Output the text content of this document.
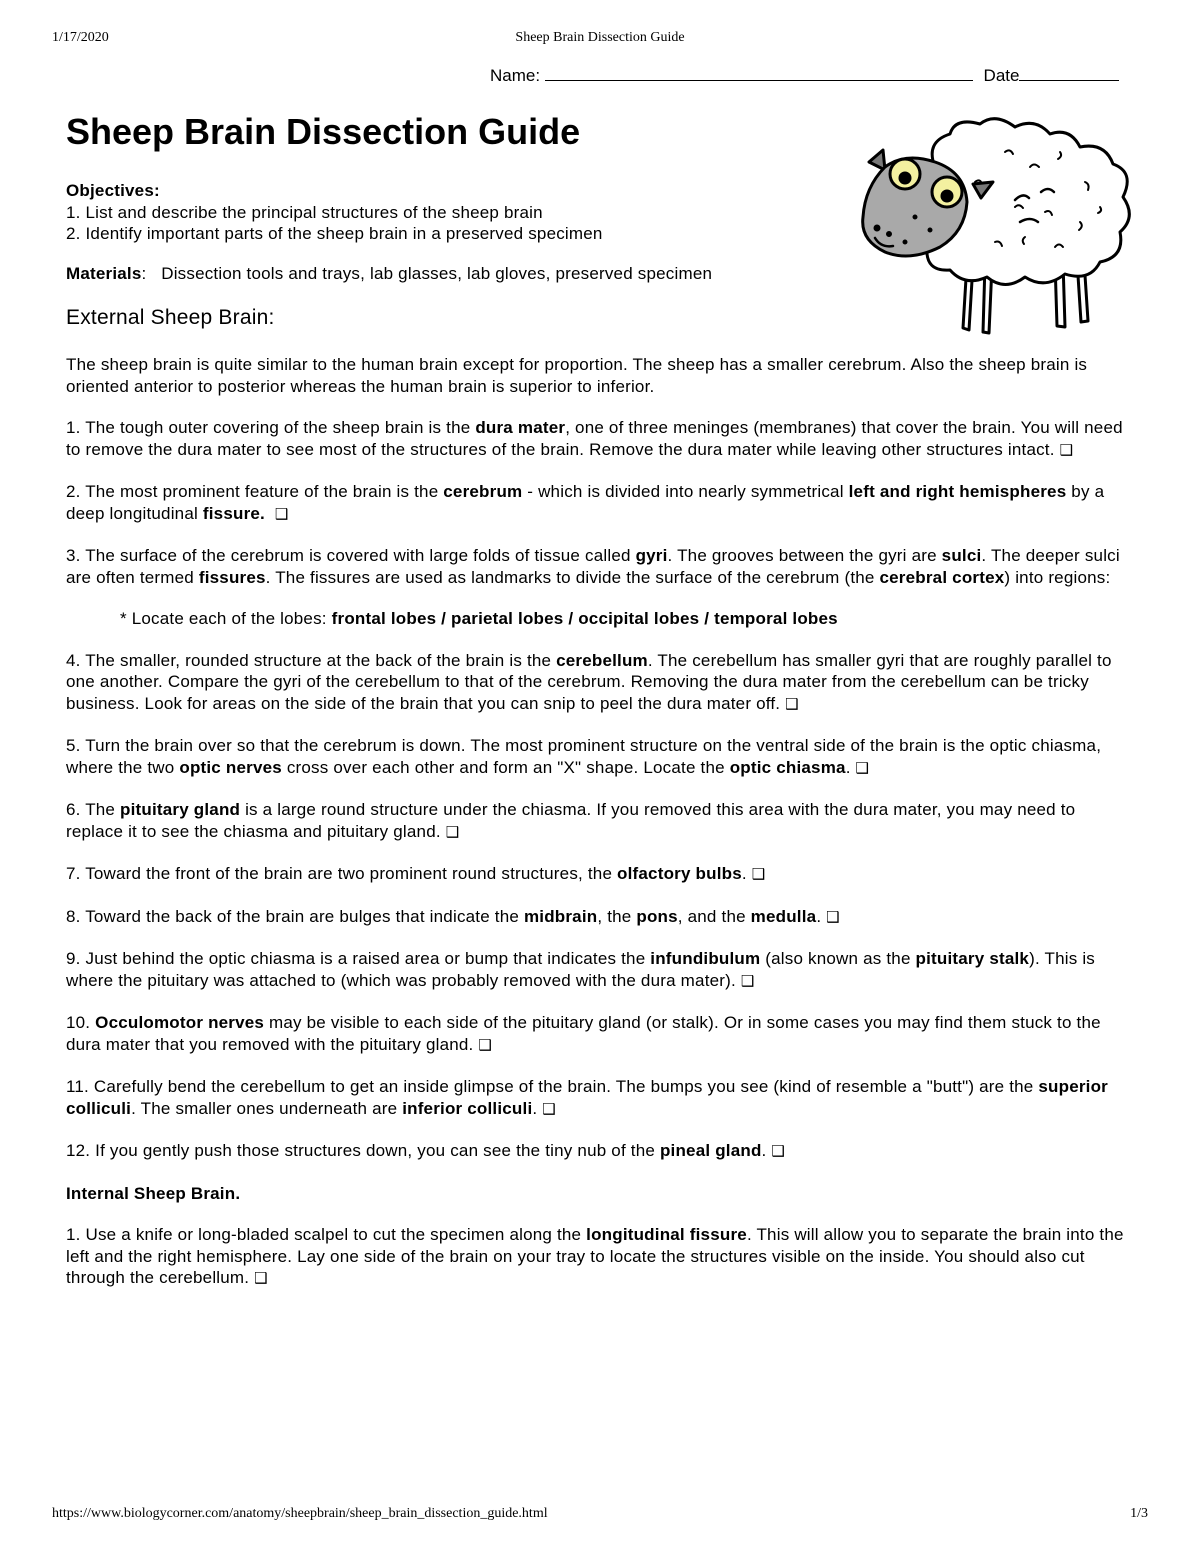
1/17/2020	Sheep Brain Dissection Guide
Name:	Date
Sheep Brain Dissection Guide

Objectives:

1. List and describe the principal structures of the sheep brain

2. Identify important parts of the sheep brain in a preserved specimen

Materials:   Dissection tools and trays, lab glasses, lab gloves, preserved specimen

External Sheep Brain:

The sheep brain is quite similar to the human brain except for proportion. The sheep has a smaller cerebrum. Also the sheep brain is oriented anterior to posterior whereas the human brain is superior to inferior.

1. The tough outer covering of the sheep brain is the dura mater, one of three meninges (membranes) that cover the brain. You will need to remove the dura mater to see most of the structures of the brain. Remove the dura mater while leaving other structures intact. ❑

2. The most prominent feature of the brain is the cerebrum - which is divided into nearly symmetrical left and right hemispheres by a deep longitudinal fissure. ❑

3. The surface of the cerebrum is covered with large folds of tissue called gyri. The grooves between the gyri are sulci. The deeper sulci are often termed fissures. The fissures are used as landmarks to divide the surface of the cerebrum (the cerebral cortex) into regions:

* Locate each of the lobes: frontal lobes / parietal lobes / occipital lobes / temporal lobes

4. The smaller, rounded structure at the back of the brain is the cerebellum. The cerebellum has smaller gyri that are roughly parallel to one another. Compare the gyri of the cerebellum to that of the cerebrum. Removing the dura mater from the cerebellum can be tricky business. Look for areas on the side of the brain that you can snip to peel the dura mater off. ❑

5. Turn the brain over so that the cerebrum is down. The most prominent structure on the ventral side of the brain is the optic chiasma, where the two optic nerves cross over each other and form an "X" shape. Locate the optic chiasma. ❑

6. The pituitary gland is a large round structure under the chiasma. If you removed this area with the dura mater, you may need to replace it to see the chiasma and pituitary gland. ❑

7. Toward the front of the brain are two prominent round structures, the olfactory bulbs. ❑

8. Toward the back of the brain are bulges that indicate the midbrain, the pons, and the medulla. ❑

9. Just behind the optic chiasma is a raised area or bump that indicates the infundibulum (also known as the pituitary stalk). This is where the pituitary was attached to (which was probably removed with the dura mater). ❑

10. Occulomotor nerves may be visible to each side of the pituitary gland (or stalk). Or in some cases you may find them stuck to the dura mater that you removed with the pituitary gland. ❑

11. Carefully bend the cerebellum to get an inside glimpse of the brain. The bumps you see (kind of resemble a "butt") are the superior colliculi. The smaller ones underneath are inferior colliculi. ❑

12. If you gently push those structures down, you can see the tiny nub of the pineal gland. ❑

Internal Sheep Brain.

1. Use a knife or long-bladed scalpel to cut the specimen along the longitudinal fissure. This will allow you to separate the brain into the left and the right hemisphere. Lay one side of the brain on your tray to locate the structures visible on the inside. You should also cut through the cerebellum. ❑

https://www.biologycorner.com/anatomy/sheepbrain/sheep_brain_dissection_guide.html	1/3
